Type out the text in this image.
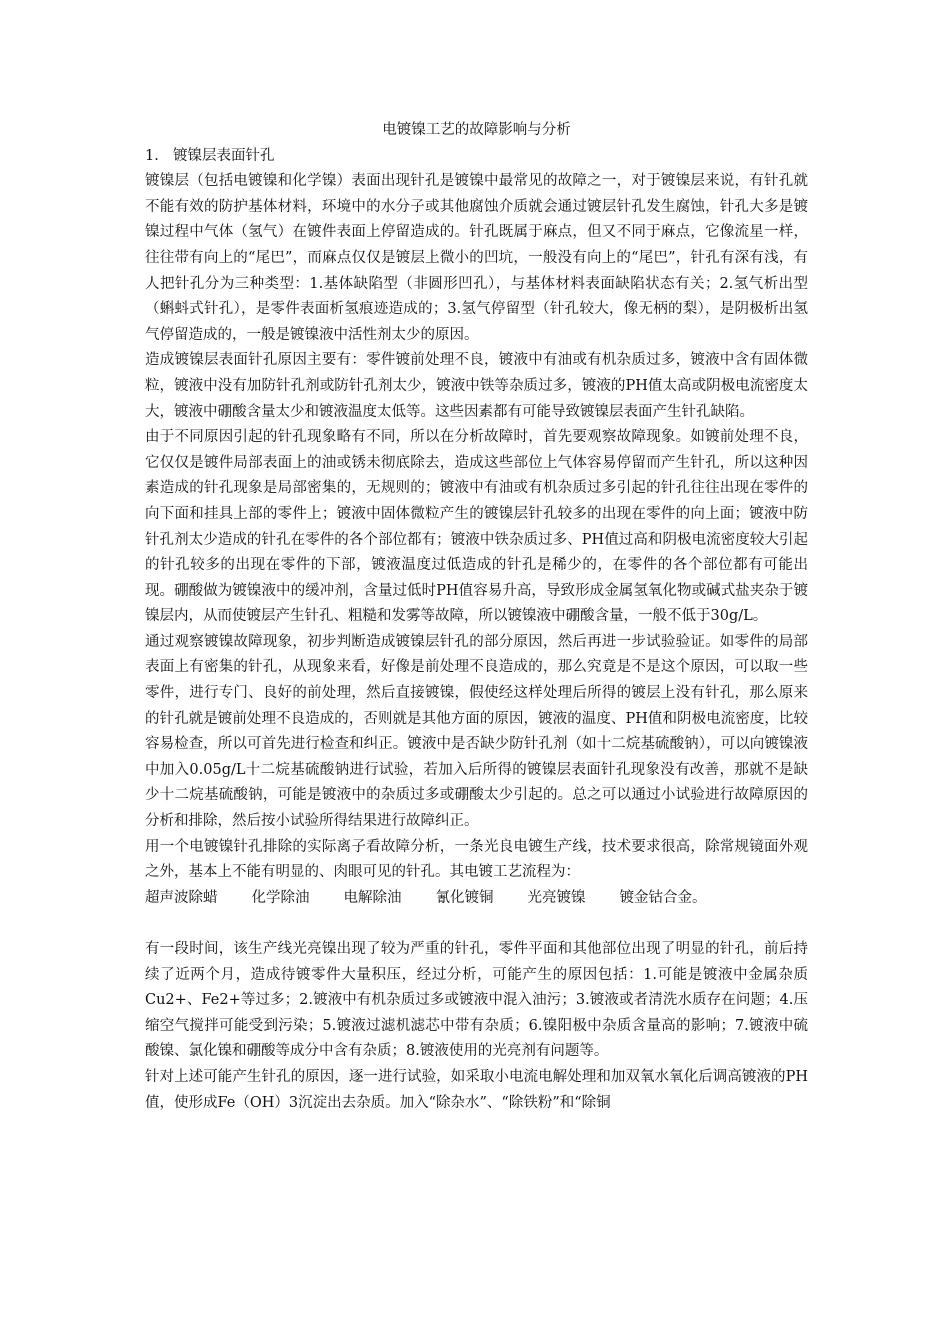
电镀镍工艺的故障影响与分析

1. 镀镍层表面针孔

镀镍层（包括电镀镍和化学镍）表面出现针孔是镀镍中最常见的故障之一，对于镀镍层来说，有针孔就不能有效的防护基体材料，环境中的水分子或其他腐蚀介质就会通过镀层针孔发生腐蚀，针孔大多是镀镍过程中气体（氢气）在镀件表面上停留造成的。针孔既属于麻点，但又不同于麻点，它像流星一样，往往带有向上的“尾巴”，而麻点仅仅是镀层上微小的凹坑，一般没有向上的“尾巴”，针孔有深有浅，有人把针孔分为三种类型：1.基体缺陷型（非圆形凹孔），与基体材料表面缺陷状态有关；2.氢气析出型（蝌蚪式针孔），是零件表面析氢痕迹造成的；3.氢气停留型（针孔较大，像无柄的梨），是阴极析出氢气停留造成的，一般是镀镍液中活性剂太少的原因。

造成镀镍层表面针孔原因主要有：零件镀前处理不良，镀液中有油或有机杂质过多，镀液中含有固体微粒，镀液中没有加防针孔剂或防针孔剂太少，镀液中铁等杂质过多，镀液的PH值太高或阴极电流密度太大，镀液中硼酸含量太少和镀液温度太低等。这些因素都有可能导致镀镍层表面产生针孔缺陷。

由于不同原因引起的针孔现象略有不同，所以在分析故障时，首先要观察故障现象。如镀前处理不良，它仅仅是镀件局部表面上的油或锈未彻底除去，造成这些部位上气体容易停留而产生针孔，所以这种因素造成的针孔现象是局部密集的，无规则的；镀液中有油或有机杂质过多引起的针孔往往出现在零件的向下面和挂具上部的零件上；镀液中固体微粒产生的镀镍层针孔较多的出现在零件的向上面；镀液中防针孔剂太少造成的针孔在零件的各个部位都有；镀液中铁杂质过多、PH值过高和阴极电流密度较大引起的针孔较多的出现在零件的下部，镀液温度过低造成的针孔是稀少的，在零件的各个部位都有可能出现。硼酸做为镀镍液中的缓冲剂，含量过低时PH值容易升高，导致形成金属氢氧化物或碱式盐夹杂于镀镍层内，从而使镀层产生针孔、粗糙和发雾等故障，所以镀镍液中硼酸含量，一般不低于30g/L。

通过观察镀镍故障现象，初步判断造成镀镍层针孔的部分原因，然后再进一步试验验证。如零件的局部表面上有密集的针孔，从现象来看，好像是前处理不良造成的，那么究竟是不是这个原因，可以取一些零件，进行专门、良好的前处理，然后直接镀镍，假使经这样处理后所得的镀层上没有针孔，那么原来的针孔就是镀前处理不良造成的，否则就是其他方面的原因，镀液的温度、PH值和阴极电流密度，比较容易检查，所以可首先进行检查和纠正。镀液中是否缺少防针孔剂（如十二烷基硫酸钠），可以向镀镍液中加入0.05g/L十二烷基硫酸钠进行试验，若加入后所得的镀镍层表面针孔现象没有改善，那就不是缺少十二烷基硫酸钠，可能是镀液中的杂质过多或硼酸太少引起的。总之可以通过小试验进行故障原因的分析和排除，然后按小试验所得结果进行故障纠正。

用一个电镀镍针孔排除的实际离子看故障分析，一条光良电镀生产线，技术要求很高，除常规镜面外观之外，基本上不能有明显的、肉眼可见的针孔。其电镀工艺流程为：

超声波除蜡 化学除油 电解除油 氰化镀铜 光亮镀镍 镀金钴合金。

有一段时间，该生产线光亮镍出现了较为严重的针孔，零件平面和其他部位出现了明显的针孔，前后持续了近两个月，造成待镀零件大量积压，经过分析，可能产生的原因包括：1.可能是镀液中金属杂质 Cu2+、Fe2+等过多；2.镀液中有机杂质过多或镀液中混入油污；3.镀液或者清洗水质存在问题；4.压缩空气搅拌可能受到污染；5.镀液过滤机滤芯中带有杂质；6.镍阳极中杂质含量高的影响；7.镀液中硫酸镍、氯化镍和硼酸等成分中含有杂质；8.镀液使用的光亮剂有问题等。

针对上述可能产生针孔的原因，逐一进行试验，如采取小电流电解处理和加双氧水氧化后调高镀液的PH值，使形成Fe（OH）3沉淀出去杂质。加入“除杂水”、“除铁粉”和“除铜
